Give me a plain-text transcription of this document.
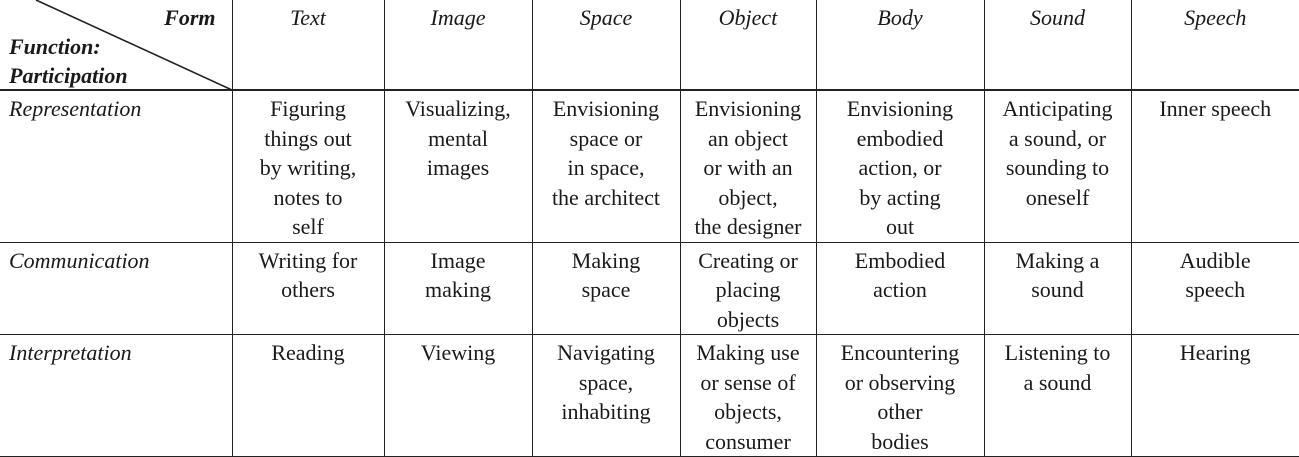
Form
Function:
Participation	Text	Image	Space	Object	Body	Sound	Speech
Representation	Figuring
things out
by writing,
notes to
self	Visualizing,
mental
images	Envisioning
space or
in space,
the architect	Envisioning
an object
or with an
object,
the designer	Envisioning
embodied
action, or
by acting
out	Anticipating
a sound, or
sounding to
oneself	Inner speech

Communication	Writing for
others	Image
making	Making
space	Creating or
placing
objects	Embodied
action	Making a
sound	Audible
speech

Interpretation	Reading	Viewing	Navigating
space,
inhabiting	Making use
or sense of
objects,
consumer	Encountering
or observing
other
bodies	Listening to
a sound	Hearing
